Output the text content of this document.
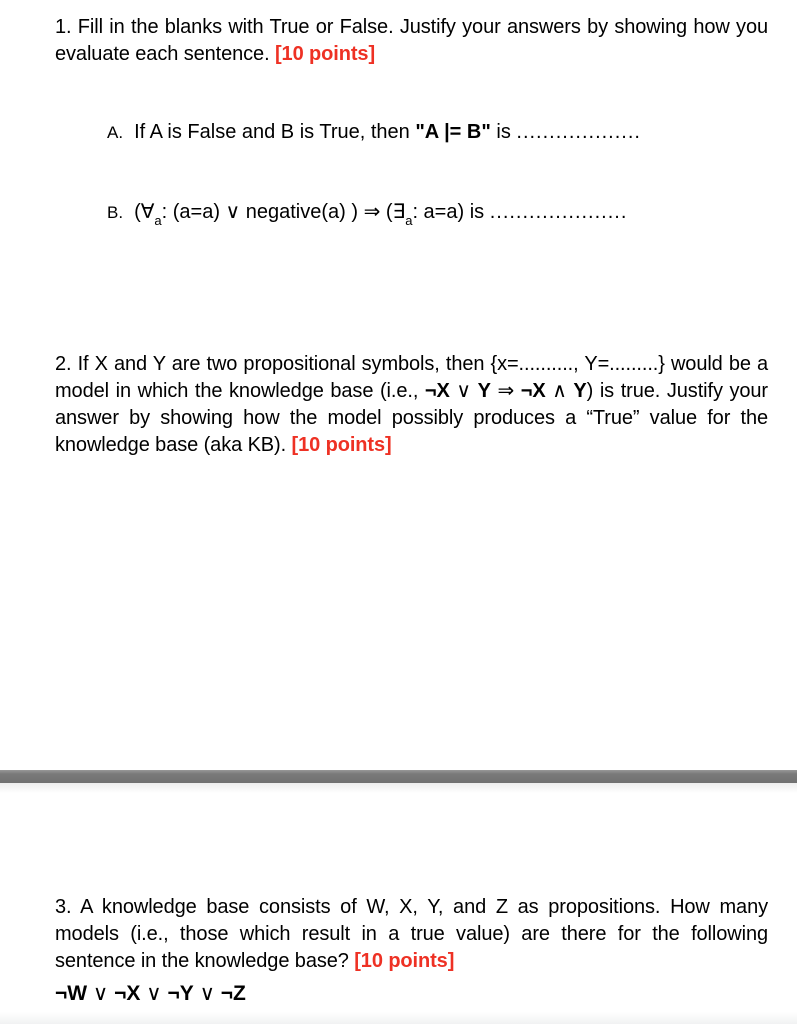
1. Fill in the blanks with True or False. Justify your answers by showing how you evaluate each sentence. [10 points]
A. If A is False and B is True, then "A |= B" is ...................
B. ($\forall_a$: (a=a) ∨ negative(a) ) ⇒ ($\exists_a$: a=a) is .....................
2. If X and Y are two propositional symbols, then {x=.........., Y=.........} would be a model in which the knowledge base (i.e., ¬X ∨ Y ⇒ ¬X ∧ Y) is true. Justify your answer by showing how the model possibly produces a “True” value for the knowledge base (aka KB). [10 points]
3. A knowledge base consists of W, X, Y, and Z as propositions. How many models (i.e., those which result in a true value) are there for the following sentence in the knowledge base? [10 points]
¬W ∨ ¬X ∨ ¬Y ∨ ¬Z
